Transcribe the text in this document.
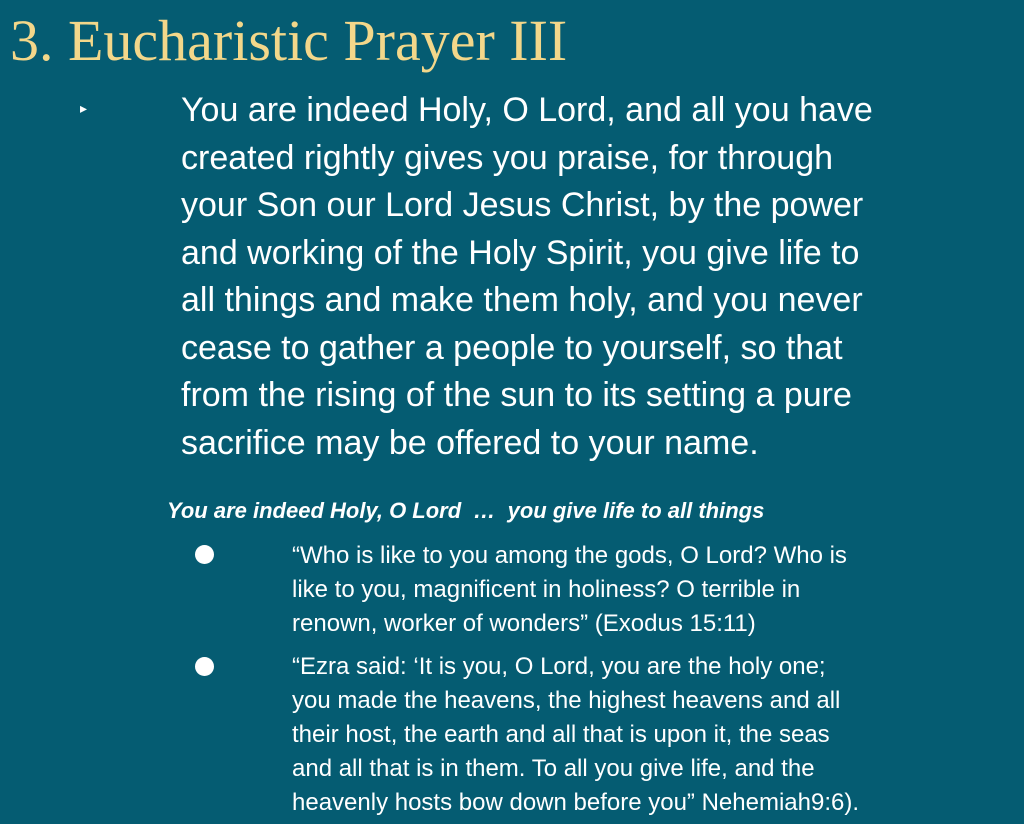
3. Eucharistic Prayer III
▸	You are indeed Holy, O Lord, and all you have
created rightly gives you praise, for through
your Son our Lord Jesus Christ, by the power
and working of the Holy Spirit, you give life to
all things and make them holy, and you never
cease to gather a people to yourself, so that
from the rising of the sun to its setting a pure
sacrifice may be offered to your name.
You are indeed Holy, O Lord  …  you give life to all things
“Who is like to you among the gods, O Lord? Who is
like to you, magnificent in holiness? O terrible in
renown, worker of wonders” (Exodus 15:11)
“Ezra said: ‘It is you, O Lord, you are the holy one;
you made the heavens, the highest heavens and all
their host, the earth and all that is upon it, the seas
and all that is in them. To all you give life, and the
heavenly hosts bow down before you” Nehemiah9:6).
